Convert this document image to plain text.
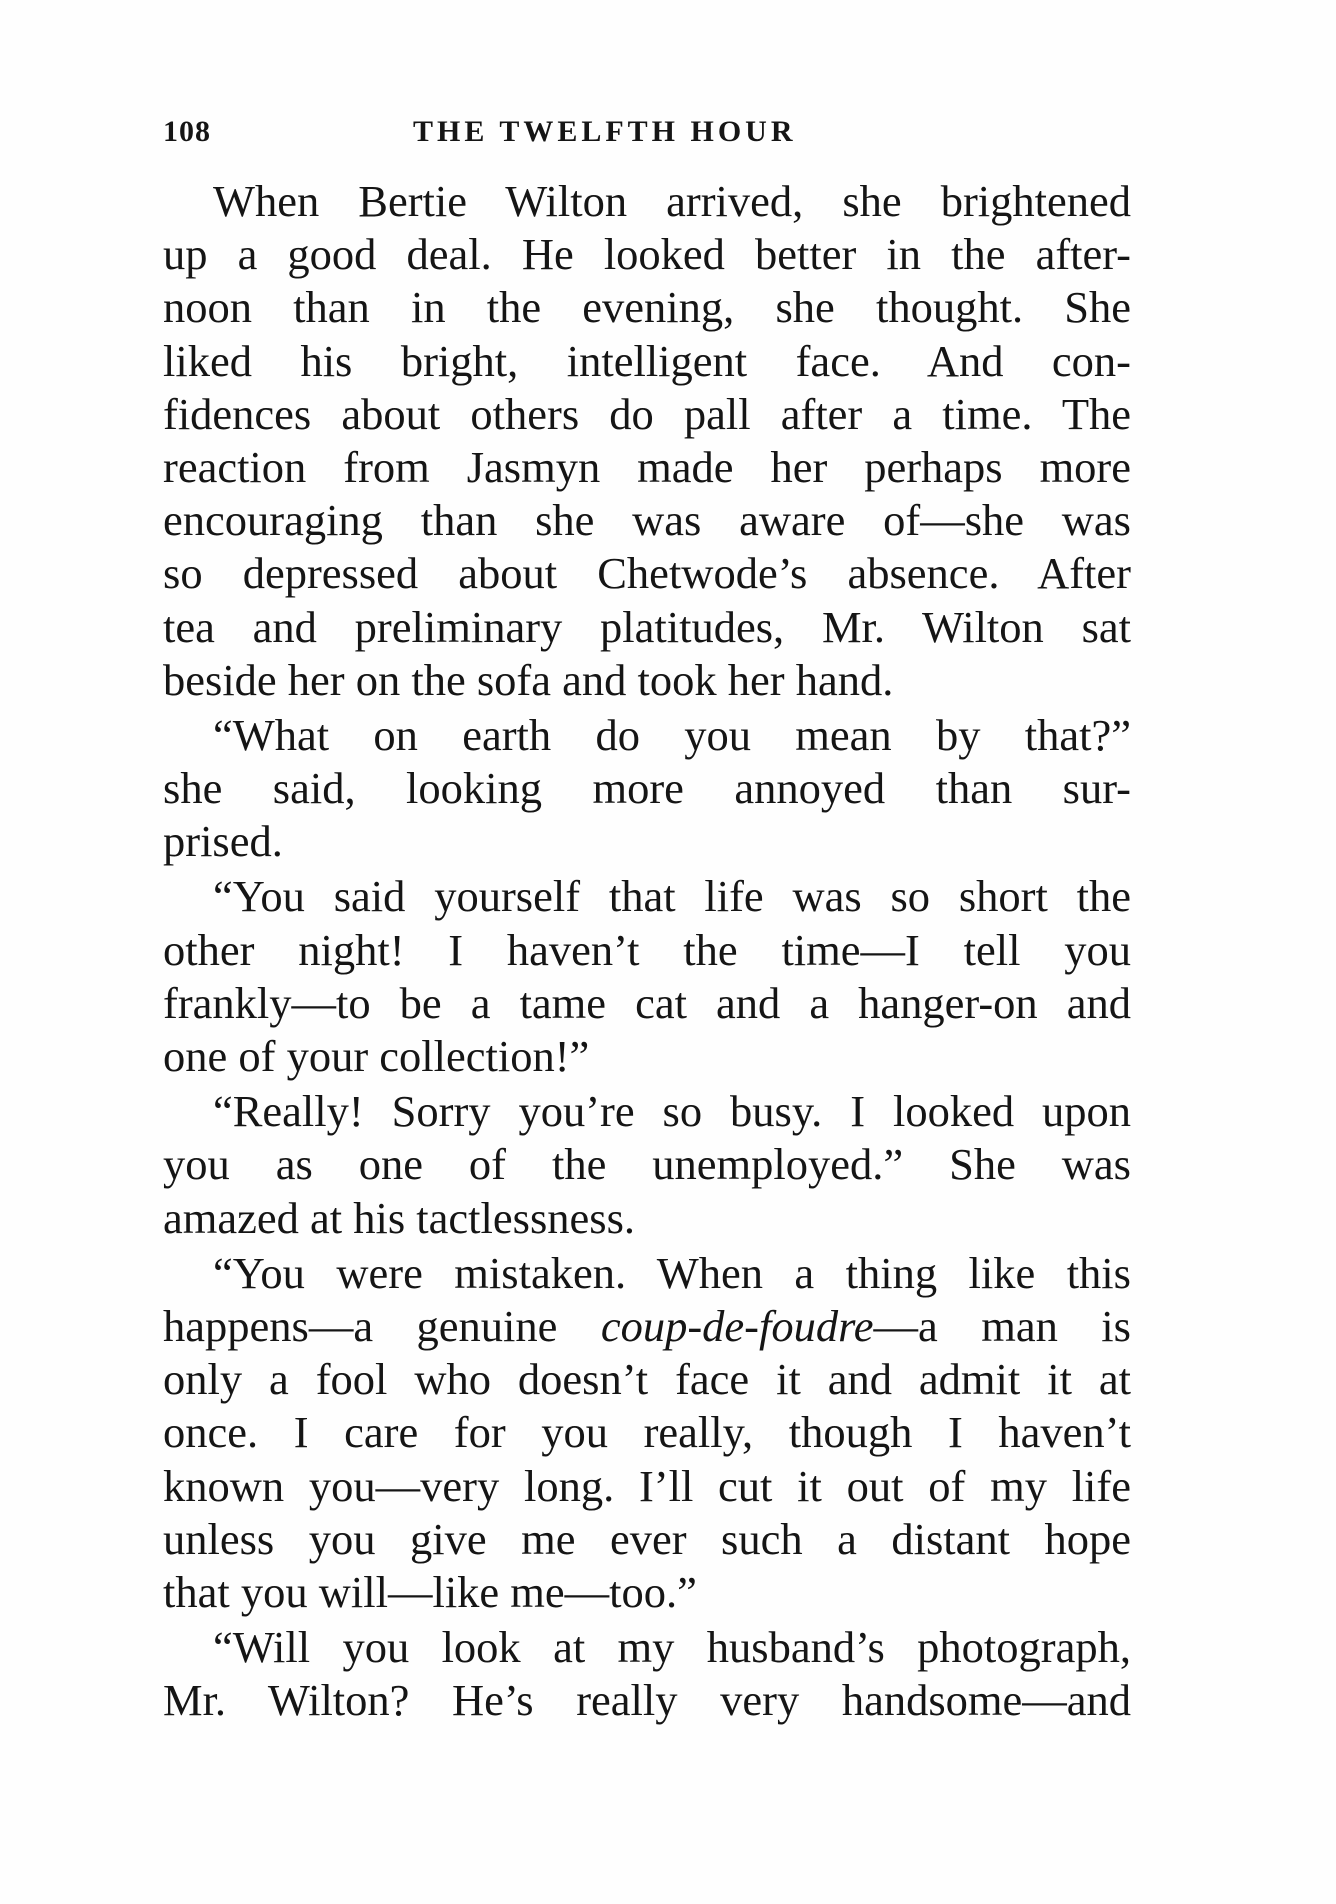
108	THE TWELFTH HOUR
When Bertie Wilton arrived, she brightened
up a good deal. He looked better in the after-
noon than in the evening, she thought. She
liked his bright, intelligent face. And con-
fidences about others do pall after a time. The
reaction from Jasmyn made her perhaps more
encouraging than she was aware of—she was
so depressed about Chetwode’s absence. After
tea and preliminary platitudes, Mr. Wilton sat
beside her on the sofa and took her hand.
“What on earth do you mean by that?”
she said, looking more annoyed than sur-
prised.
“You said yourself that life was so short the
other night! I haven’t the time—I tell you
frankly—to be a tame cat and a hanger-on and
one of your collection!”
“Really! Sorry you’re so busy. I looked upon
you as one of the unemployed.” She was
amazed at his tactlessness.
“You were mistaken. When a thing like this
happens—a genuine coup-de-foudre—a man is
only a fool who doesn’t face it and admit it at
once. I care for you really, though I haven’t
known you—very long. I’ll cut it out of my life
unless you give me ever such a distant hope
that you will—like me—too.”
“Will you look at my husband’s photograph,
Mr. Wilton? He’s really very handsome—and
